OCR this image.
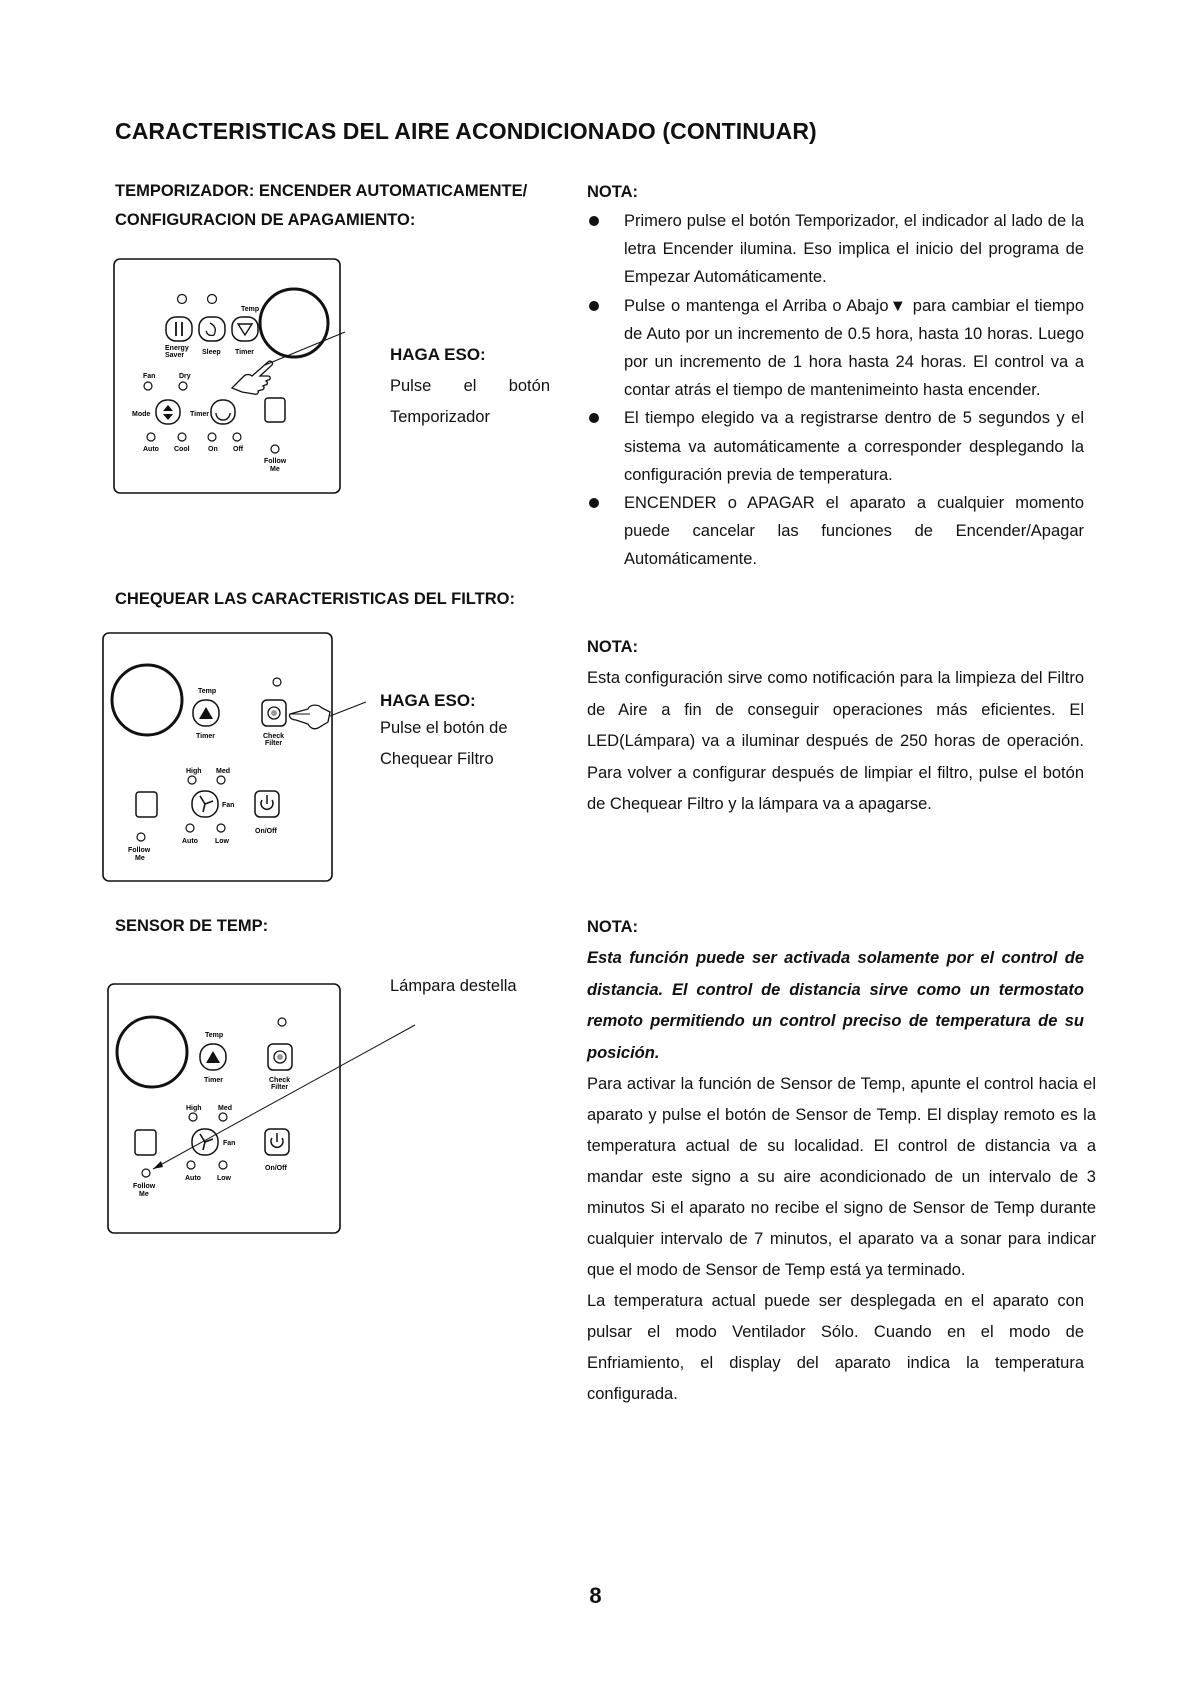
CARACTERISTICAS DEL AIRE ACONDICIONADO (CONTINUAR)
TEMPORIZADOR: ENCENDER AUTOMATICAMENTE/
CONFIGURACION DE APAGAMIENTO:
Temp
Energy
Saver	Sleep Timer
Fan	Dry
Mode	Timer
Auto Cool	On Off
Follow
Me
HAGA ESO:
Pulse el botón
Temporizador
NOTA:
Primero pulse el botón Temporizador, el indicador al lado de la letra Encender ilumina. Eso implica el inicio del programa de Empezar Automáticamente.
Pulse o mantenga el Arriba o Abajo▼ para cambiar el tiempo de Auto por un incremento de 0.5 hora, hasta 10 horas. Luego por un incremento de 1 hora hasta 24 horas. El control va a contar atrás el tiempo de mantenimeinto hasta encender.
El tiempo elegido va a registrarse dentro de 5 segundos y el sistema va automáticamente a corresponder desplegando la configuración previa de temperatura.
ENCENDER o APAGAR el aparato a cualquier momento puede cancelar las funciones de Encender/Apagar Automáticamente.
CHEQUEAR LAS CARACTERISTICAS DEL FILTRO:
Temp
Timer	Check
Filter
High Med
Fan
On/Off
Auto Low
Follow
Me
HAGA ESO:
Pulse el botón de
Chequear Filtro
NOTA:
Esta configuración sirve como notificación para la limpieza del Filtro de Aire a fin de conseguir operaciones más eficientes. El LED(Lámpara) va a iluminar después de 250 horas de operación. Para volver a configurar después de limpiar el filtro, pulse el botón de Chequear Filtro y la lámpara va a apagarse.
SENSOR DE TEMP:
Lámpara destella
Temp
Timer	Check
Filter
High Med
Fan
On/Off
Auto Low
Follow
Me
NOTA:
Esta función puede ser activada solamente por el control de distancia. El control de distancia sirve como un termostato remoto permitiendo un control preciso de temperatura de su posición.

Para activar la función de Sensor de Temp, apunte el control hacia el aparato y pulse el botón de Sensor de Temp. El display remoto es la temperatura actual de su localidad. El control de distancia va a mandar este signo a su aire acondicionado de un intervalo de 3 minutos Si el aparato no recibe el signo de Sensor de Temp durante cualquier intervalo de 7 minutos, el aparato va a sonar para indicar que el modo de Sensor de Temp está ya terminado.

La temperatura actual puede ser desplegada en el aparato con pulsar el modo Ventilador Sólo. Cuando en el modo de Enfriamiento, el display del aparato indica la temperatura configurada.

8
